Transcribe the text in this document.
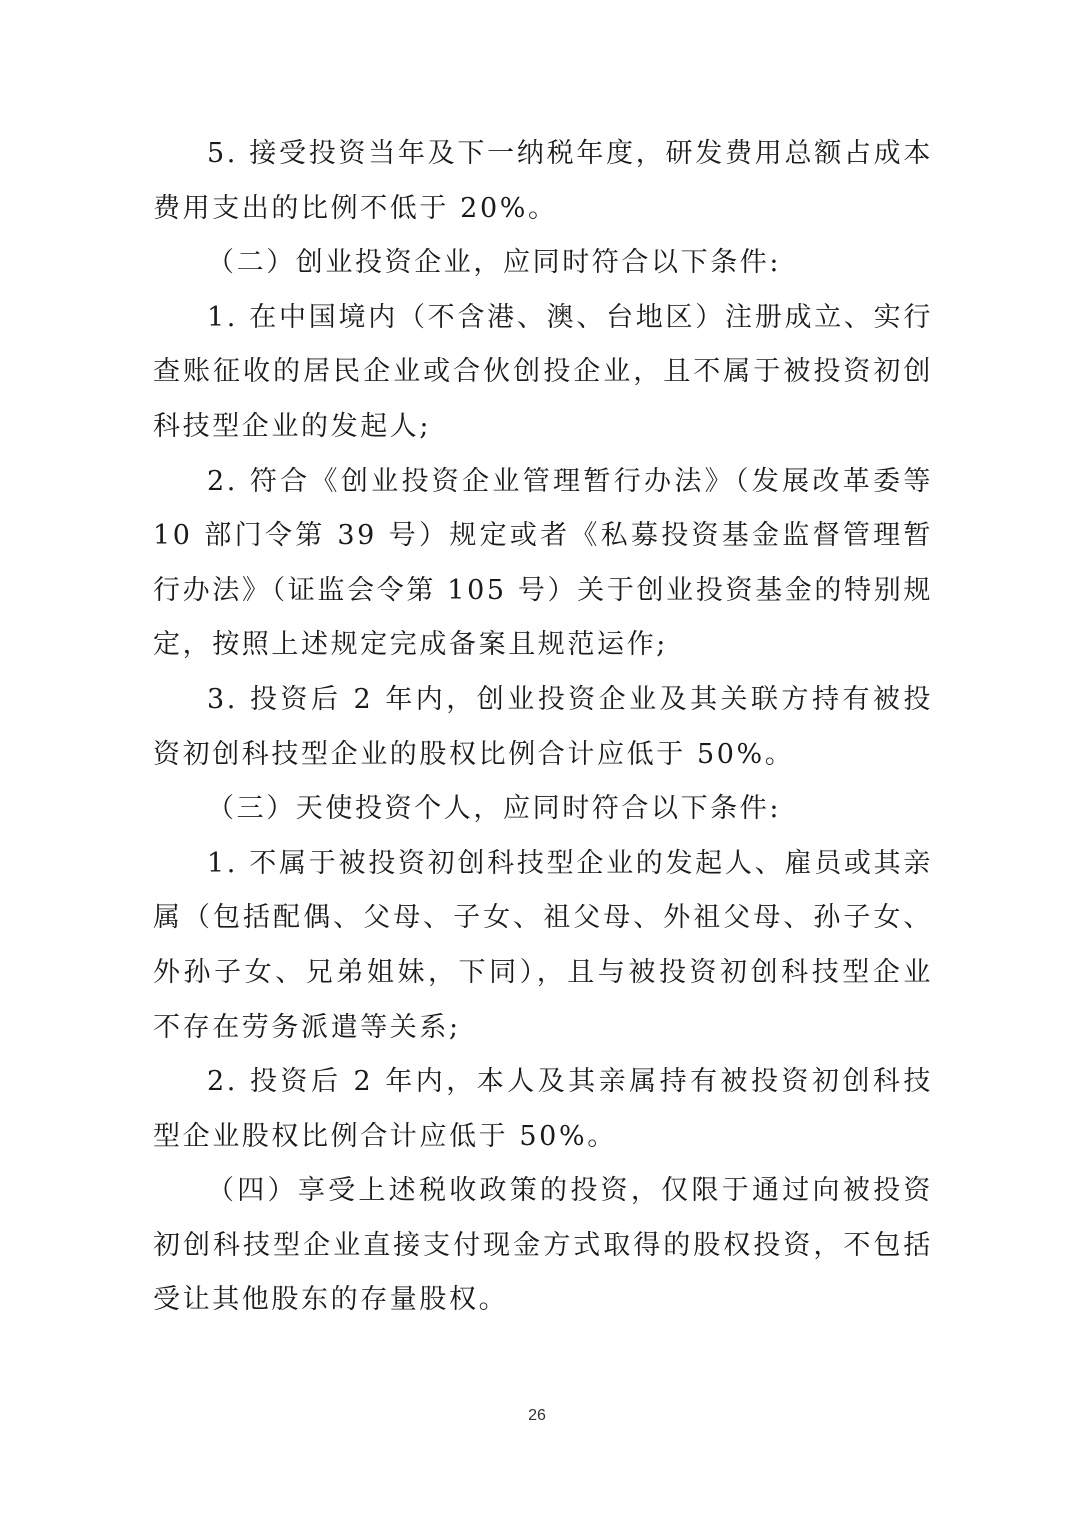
5. 接受投资当年及下一纳税年度，研发费用总额占成本费用支出的比例不低于 20%。

（二）创业投资企业，应同时符合以下条件:

1. 在中国境内（不含港、澳、台地区）注册成立、实行查账征收的居民企业或合伙创投企业，且不属于被投资初创科技型企业的发起人;

2. 符合《创业投资企业管理暂行办法》（发展改革委等 10 部门令第 39 号）规定或者《私募投资基金监督管理暂行办法》（证监会令第 105 号）关于创业投资基金的特别规定，按照上述规定完成备案且规范运作;

3. 投资后 2 年内，创业投资企业及其关联方持有被投资初创科技型企业的股权比例合计应低于 50%。

（三）天使投资个人，应同时符合以下条件:

1. 不属于被投资初创科技型企业的发起人、雇员或其亲属（包括配偶、父母、子女、祖父母、外祖父母、孙子女、外孙子女、兄弟姐妹，下同），且与被投资初创科技型企业不存在劳务派遣等关系;

2. 投资后 2 年内，本人及其亲属持有被投资初创科技型企业股权比例合计应低于 50%。

（四）享受上述税收政策的投资，仅限于通过向被投资初创科技型企业直接支付现金方式取得的股权投资，不包括受让其他股东的存量股权。

26
